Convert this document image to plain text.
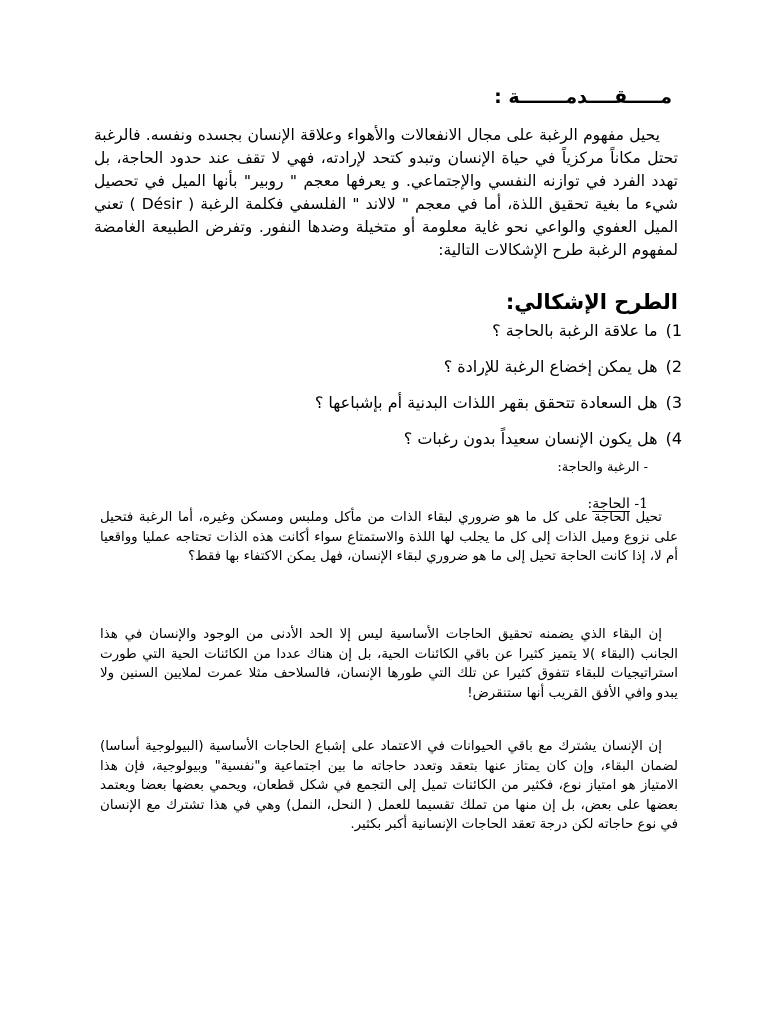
مـــــقــــدمـــــــة :

يحيل مفهوم الرغبة على مجال الانفعالات والأهواء وعلاقة الإنسان بجسده ونفسه. فالرغبة تحتل مكاناً مركزياً في حياة الإنسان وتبدو كتحد لإرادته، فهي لا تقف عند حدود الحاجة، بل تهدد الفرد في توازنه النفسي والإجتماعي. و يعرفها معجم " روبير" بأنها الميل في تحصيل شيء ما بغية تحقيق اللذة، أما في معجم " لالاند " الفلسفي فكلمة الرغبة ( Désir ) تعني الميل العفوي والواعي نحو غاية معلومة أو متخيلة وضدها النفور. وتفرض الطبيعة الغامضة لمفهوم الرغبة طرح الإشكالات التالية:

الطرح الإشكالي:
1)ما علاقة الرغبة بالحاجة ؟
2)هل يمكن إخضاع الرغبة للإرادة ؟
3)هل السعادة تتحقق بقهر اللذات البدنية أم بإشباعها ؟
4)هل يكون الإنسان سعيداً بدون رغبات ؟
- الرغبة والحاجة:
1- الحاجة:

تحيل الحاجة على كل ما هو ضروري لبقاء الذات من مأكل وملبس ومسكن وغيره، أما الرغبة فتحيل على نزوع وميل الذات إلى كل ما يجلب لها اللذة والاستمتاع سواء أكانت هذه الذات تحتاجه عمليا وواقعيا أم لا، إذا كانت الحاجة تحيل إلى ما هو ضروري لبقاء الإنسان، فهل يمكن الاكتفاء بها فقط؟

إن البقاء الذي يضمنه تحقيق الحاجات الأساسية ليس إلا الحد الأدنى من الوجود والإنسان في هذا الجانب (البقاء )لا يتميز كثيرا عن باقي الكائنات الحية، بل إن هناك عددا من الكائنات الحية التي طورت استراتيجيات للبقاء تتفوق كثيرا عن تلك التي طورها الإنسان، فالسلاحف مثلا عمرت لملايين السنين ولا يبدو وافي الأفق القريب أنها ستنقرض!

إن الإنسان يشترك مع باقي الحيوانات في الاعتماد على إشباع الحاجات الأساسية (البيولوجية أساسا) لضمان البقاء، وإن كان يمتاز عنها بتعقد وتعدد حاجاته ما بين اجتماعية و"نفسية" وبيولوجية، فإن هذا الامتياز هو امتياز نوع، فكثير من الكائنات تميل إلى التجمع في شكل قطعان، ويحمي بعضها بعضا ويعتمد بعضها على بعض، بل إن منها من تملك تقسيما للعمل ( النحل، النمل) وهي في هذا تشترك مع الإنسان في نوع حاجاته لكن درجة تعقد الحاجات الإنسانية أكبر بكثير.
